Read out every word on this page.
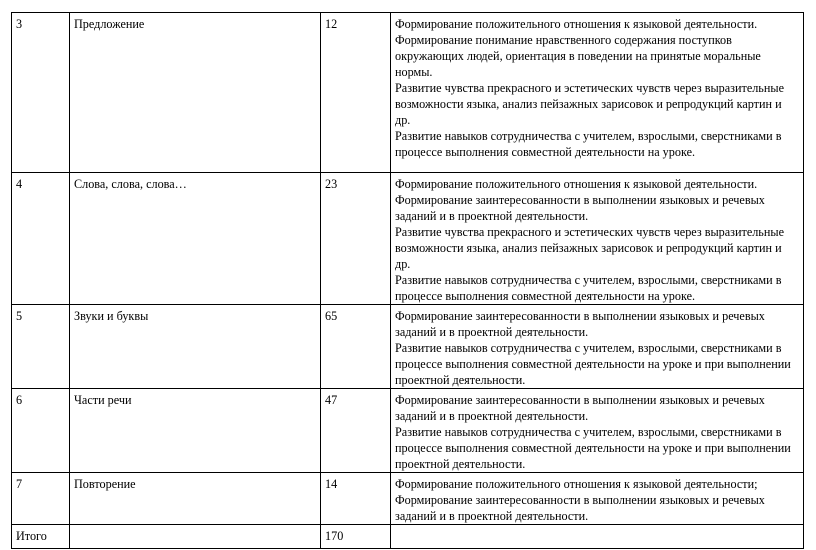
3	Предложение	12	Формирование положительного отношения к языковой деятельности.
Формирование понимание нравственного содержания поступков окружающих людей, ориентация в поведении на принятые моральные нормы.
Развитие чувства прекрасного и эстетических чувств через выразительные возможности языка, анализ пейзажных зарисовок и репродукций картин и др.
Развитие навыков сотрудничества с учителем, взрослыми, сверстниками в процессе выполнения совместной деятельности на уроке.

4	Слова, слова, слова…	23	Формирование положительного отношения к языковой деятельности.
Формирование заинтересованности в выполнении языковых и речевых заданий и в проектной деятельности.
Развитие чувства прекрасного и эстетических чувств через выразительные возможности языка, анализ пейзажных зарисовок и репродукций картин и др.
Развитие навыков сотрудничества с учителем, взрослыми, сверстниками в процессе выполнения совместной деятельности на уроке.

5	Звуки и буквы	65	Формирование заинтересованности в выполнении языковых и речевых заданий и в проектной деятельности.
Развитие навыков сотрудничества с учителем, взрослыми, сверстниками в процессе выполнения совместной деятельности на уроке и при выполнении проектной деятельности.

6	Части речи	47	Формирование заинтересованности в выполнении языковых и речевых заданий и в проектной деятельности.
Развитие навыков сотрудничества с учителем, взрослыми, сверстниками в процессе выполнения совместной деятельности на уроке и при выполнении проектной деятельности.

7	Повторение	14	Формирование положительного отношения к языковой деятельности;
Формирование заинтересованности в выполнении языковых и речевых заданий и в проектной деятельности.

Итого		170	
